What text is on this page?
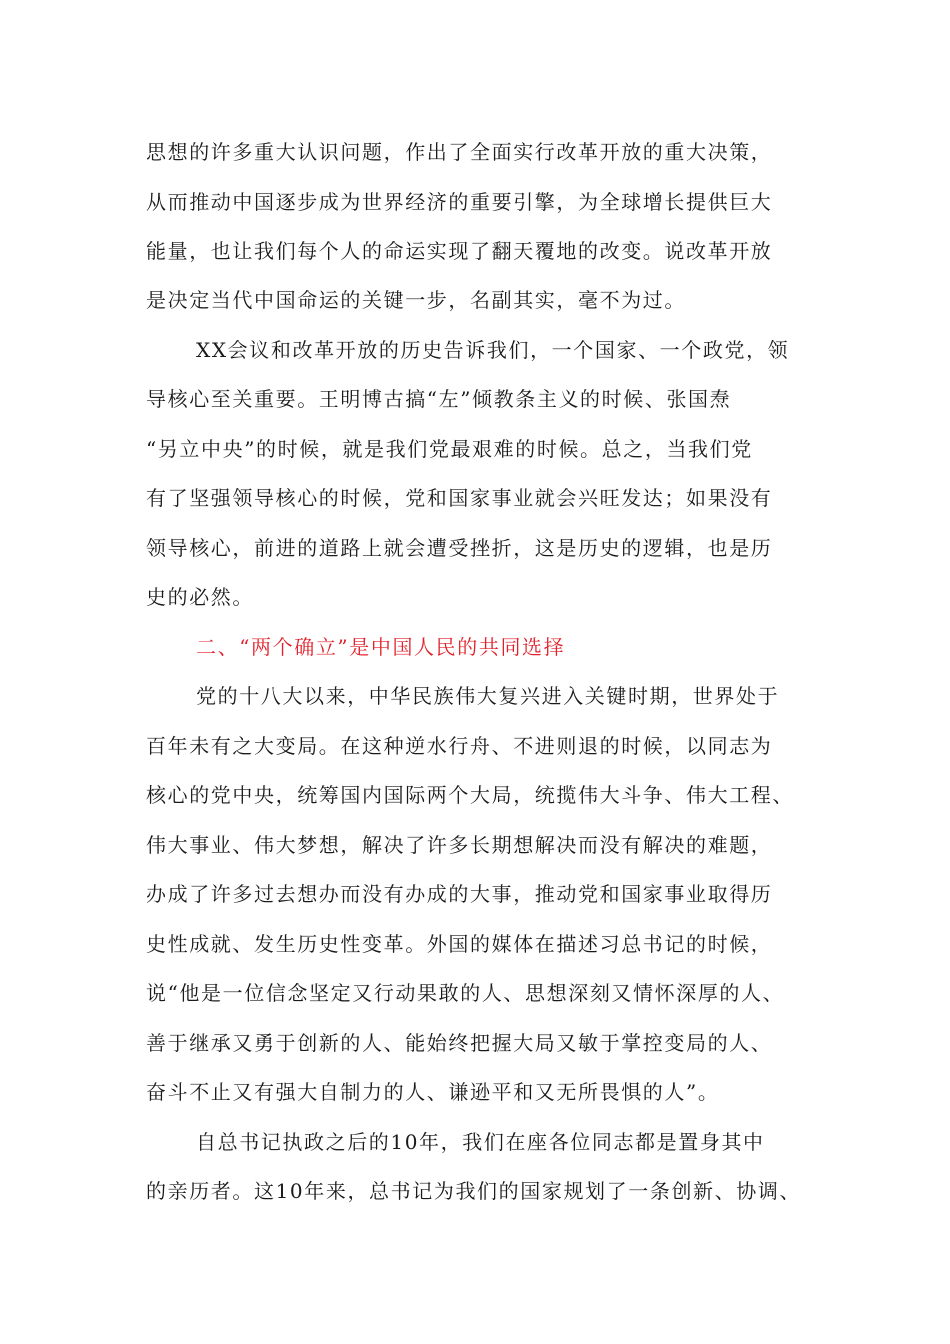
思想的许多重大认识问题，作出了全面实行改革开放的重大决策，
从而推动中国逐步成为世界经济的重要引擎，为全球增长提供巨大
能量，也让我们每个人的命运实现了翻天覆地的改变。说改革开放
是决定当代中国命运的关键一步，名副其实，毫不为过。
XX会议和改革开放的历史告诉我们，一个国家、一个政党，领
导核心至关重要。王明博古搞“左”倾教条主义的时候、张国焘
“另立中央”的时候，就是我们党最艰难的时候。总之，当我们党
有了坚强领导核心的时候，党和国家事业就会兴旺发达；如果没有
领导核心，前进的道路上就会遭受挫折，这是历史的逻辑，也是历
史的必然。
二、“两个确立”是中国人民的共同选择
党的十八大以来，中华民族伟大复兴进入关键时期，世界处于
百年未有之大变局。在这种逆水行舟、不进则退的时候，以同志为
核心的党中央，统筹国内国际两个大局，统揽伟大斗争、伟大工程、
伟大事业、伟大梦想，解决了许多长期想解决而没有解决的难题，
办成了许多过去想办而没有办成的大事，推动党和国家事业取得历
史性成就、发生历史性变革。外国的媒体在描述习总书记的时候，
说“他是一位信念坚定又行动果敢的人、思想深刻又情怀深厚的人、
善于继承又勇于创新的人、能始终把握大局又敏于掌控变局的人、
奋斗不止又有强大自制力的人、谦逊平和又无所畏惧的人”。
自总书记执政之后的10年，我们在座各位同志都是置身其中
的亲历者。这10年来，总书记为我们的国家规划了一条创新、协调、
